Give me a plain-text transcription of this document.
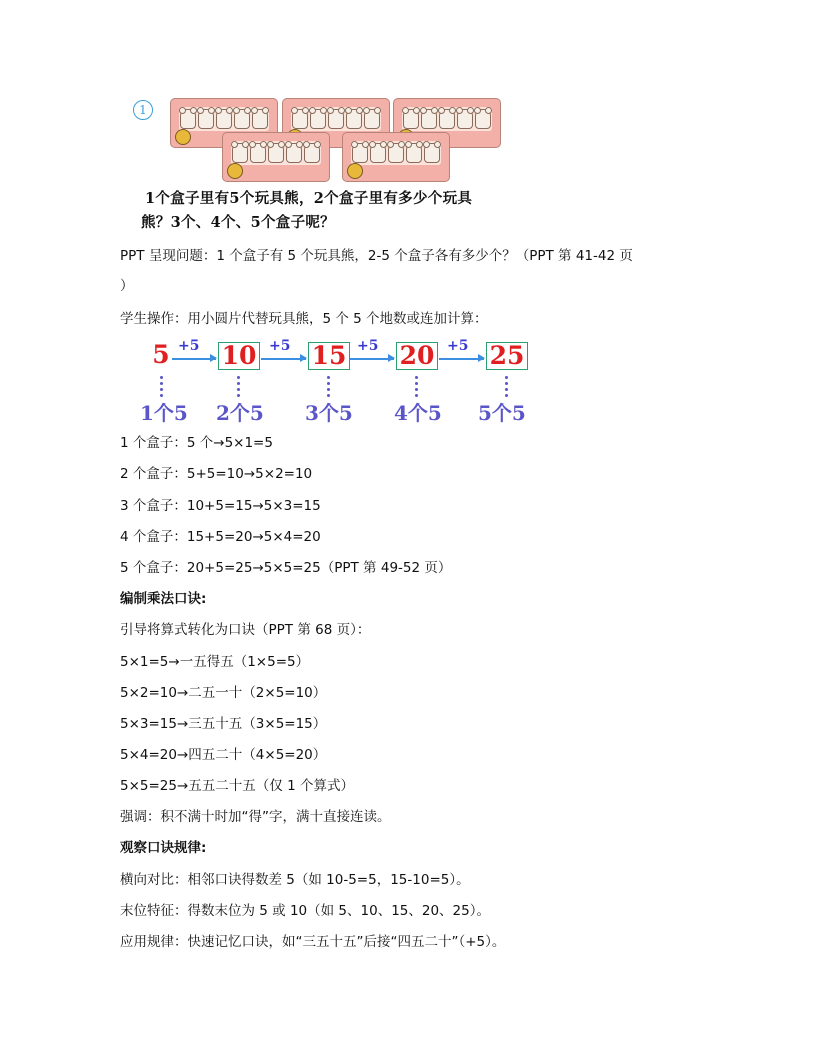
1
1个盒子里有5个玩具熊，2个盒子里有多少个玩具
熊？3个、4个、5个盒子呢？
PPT 呈现问题：1 个盒子有 5 个玩具熊，2-5 个盒子各有多少个？（PPT 第 41-42 页
）
学生操作：用小圆片代替玩具熊，5 个 5 个地数或连加计算：
5 +5 10 +5 15 +5 20 +5 25
1个5 2个5 3个5 4个5 5个5
1 个盒子：5 个→5×1=5
2 个盒子：5+5=10→5×2=10
3 个盒子：10+5=15→5×3=15
4 个盒子：15+5=20→5×4=20
5 个盒子：20+5=25→5×5=25（PPT 第 49-52 页）
编制乘法口诀:
引导将算式转化为口诀（PPT 第 68 页）：
5×1=5→一五得五（1×5=5）
5×2=10→二五一十（2×5=10）
5×3=15→三五十五（3×5=15）
5×4=20→四五二十（4×5=20）
5×5=25→五五二十五（仅 1 个算式）
强调：积不满十时加“得”字，满十直接连读。
观察口诀规律:
横向对比：相邻口诀得数差 5（如 10-5=5，15-10=5）。
末位特征：得数末位为 5 或 10（如 5、10、15、20、25）。
应用规律：快速记忆口诀，如“三五十五”后接“四五二十”（+5）。
